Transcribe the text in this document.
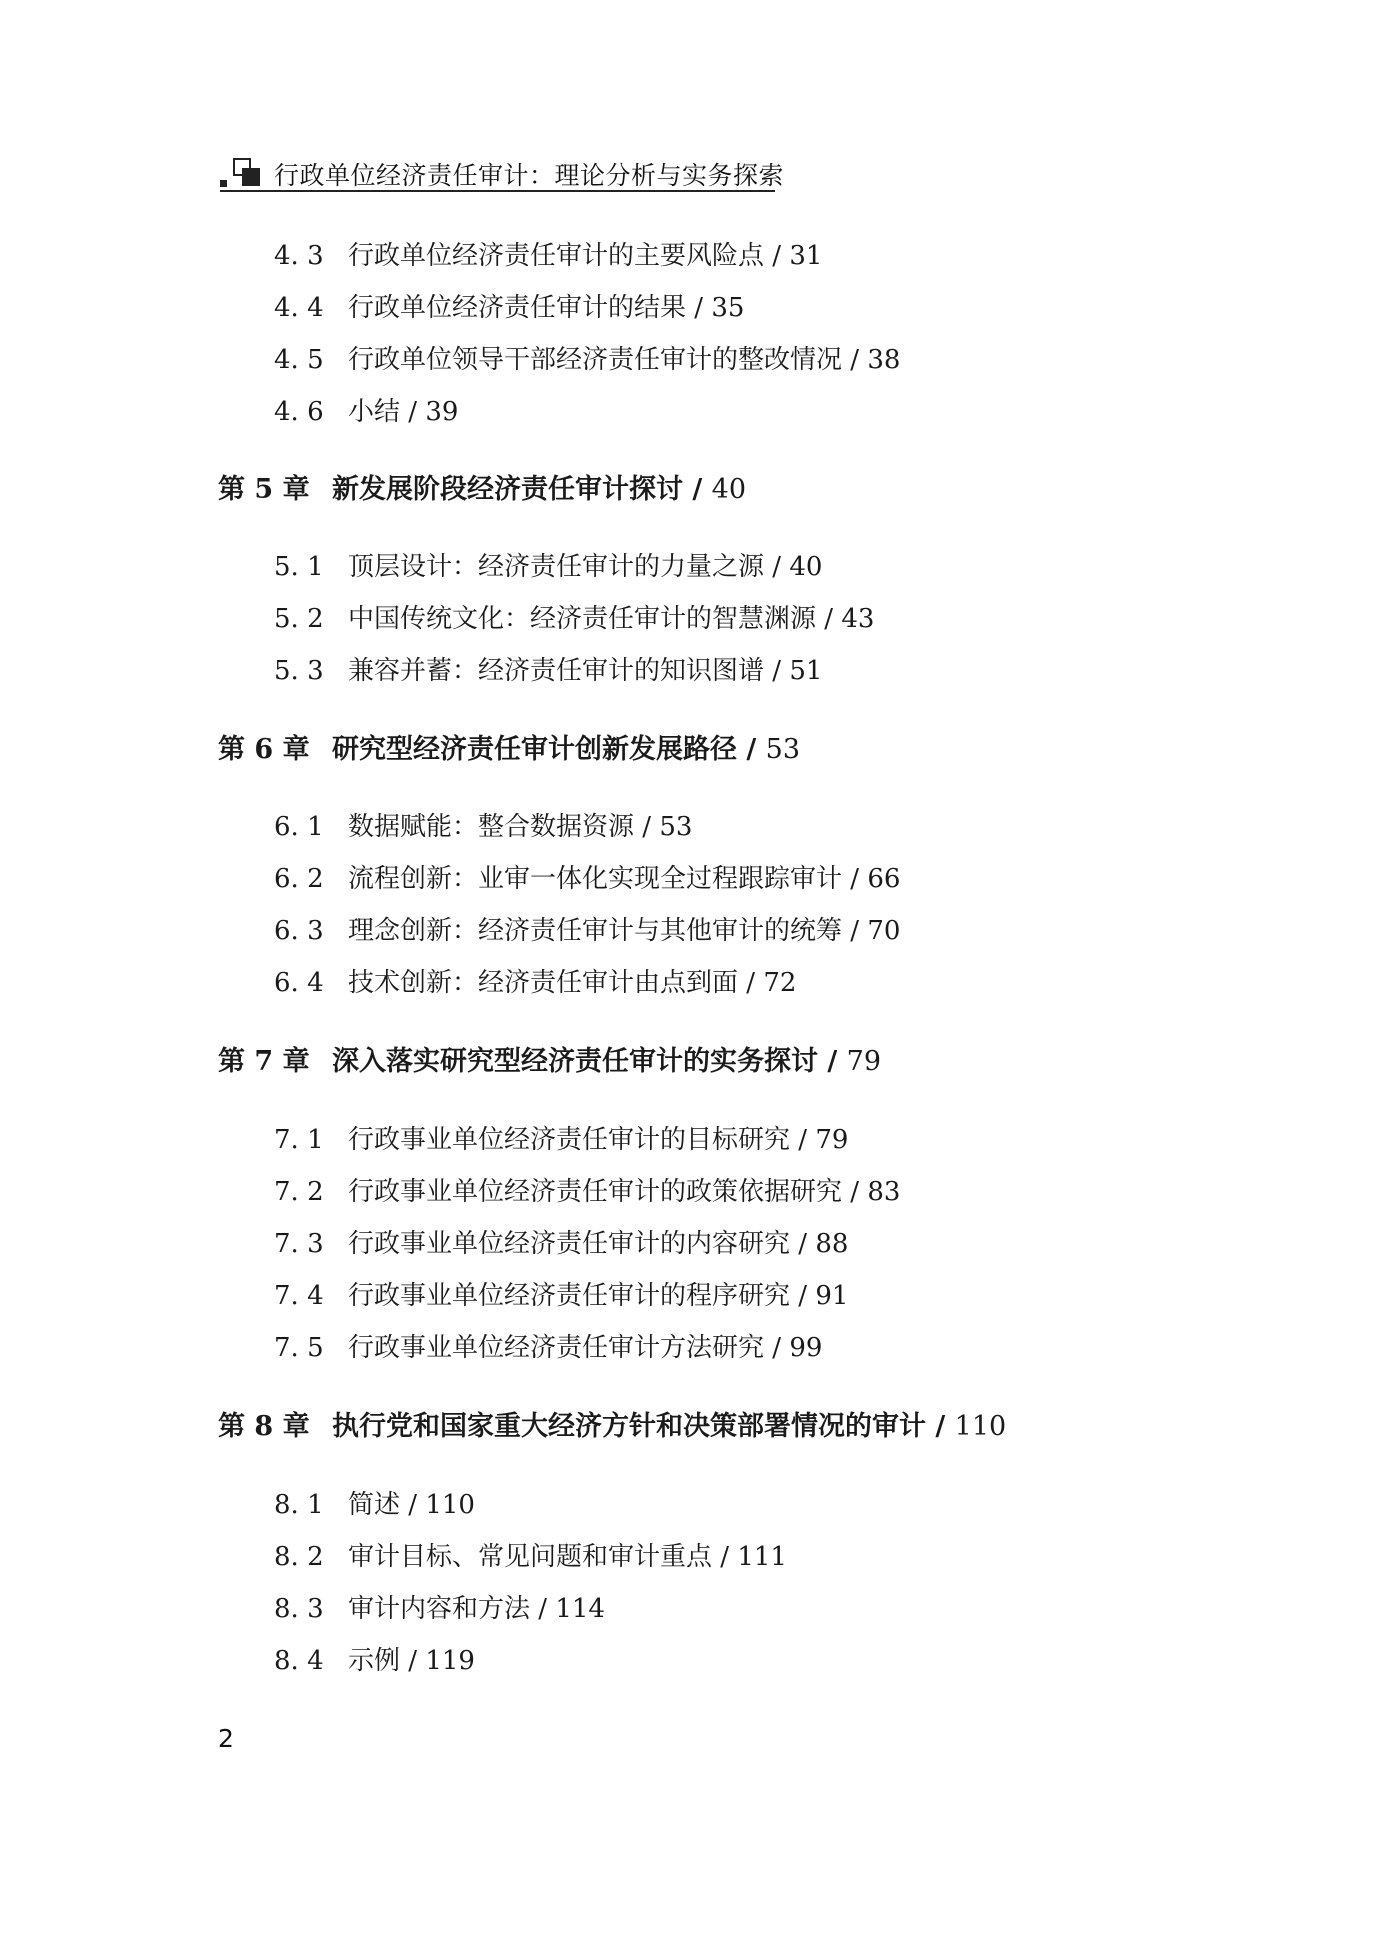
行政单位经济责任审计：理论分析与实务探索
4. 3 行政单位经济责任审计的主要风险点 / 31
4. 4 行政单位经济责任审计的结果 / 35
4. 5 行政单位领导干部经济责任审计的整改情况 / 38
4. 6 小结 / 39
第 5 章 新发展阶段经济责任审计探讨 / 40
5. 1 顶层设计：经济责任审计的力量之源 / 40
5. 2 中国传统文化：经济责任审计的智慧渊源 / 43
5. 3 兼容并蓄：经济责任审计的知识图谱 / 51
第 6 章 研究型经济责任审计创新发展路径 / 53
6. 1 数据赋能：整合数据资源 / 53
6. 2 流程创新：业审一体化实现全过程跟踪审计 / 66
6. 3 理念创新：经济责任审计与其他审计的统筹 / 70
6. 4 技术创新：经济责任审计由点到面 / 72
第 7 章 深入落实研究型经济责任审计的实务探讨 / 79
7. 1 行政事业单位经济责任审计的目标研究 / 79
7. 2 行政事业单位经济责任审计的政策依据研究 / 83
7. 3 行政事业单位经济责任审计的内容研究 / 88
7. 4 行政事业单位经济责任审计的程序研究 / 91
7. 5 行政事业单位经济责任审计方法研究 / 99
第 8 章 执行党和国家重大经济方针和决策部署情况的审计 / 110
8. 1 简述 / 110
8. 2 审计目标、常见问题和审计重点 / 111
8. 3 审计内容和方法 / 114
8. 4 示例 / 119
2
